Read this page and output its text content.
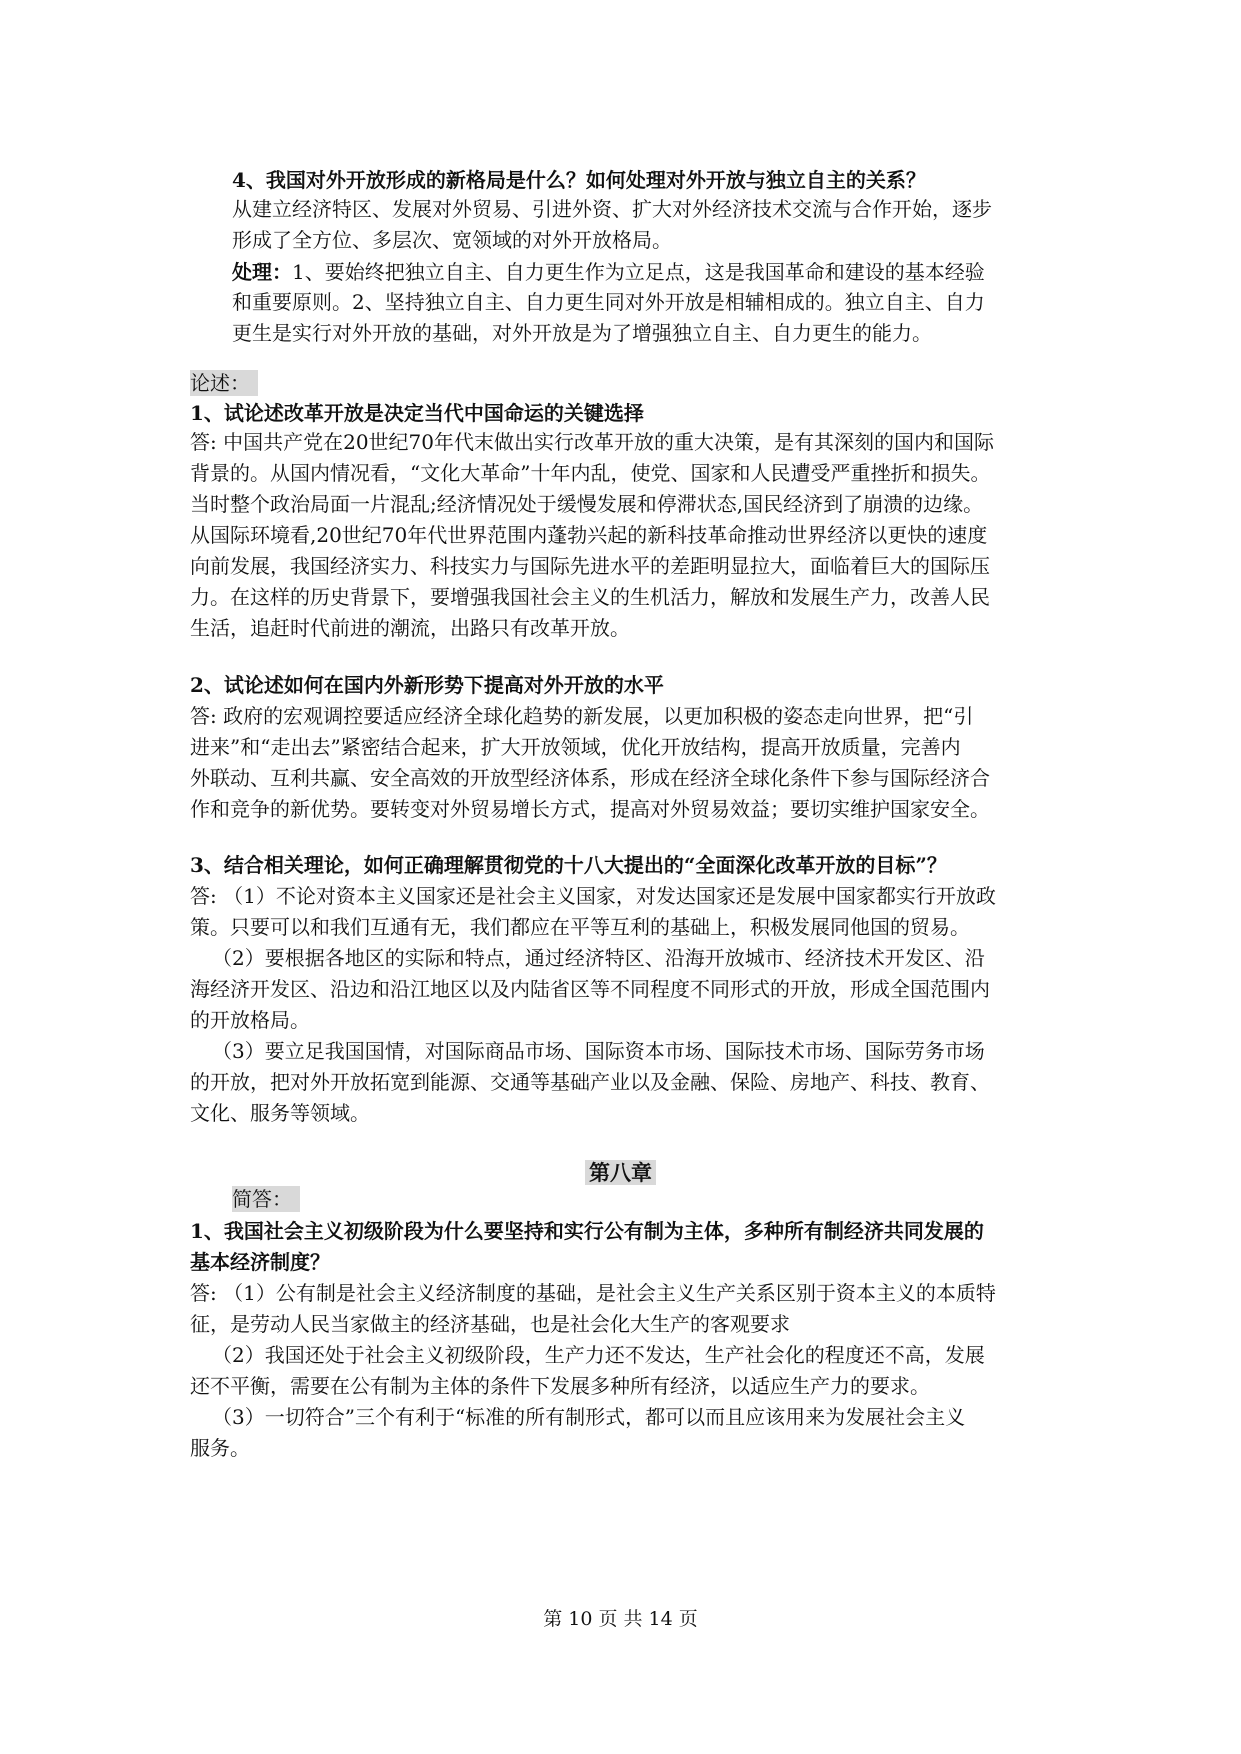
4、我国对外开放形成的新格局是什么？如何处理对外开放与独立自主的关系？
从建立经济特区、发展对外贸易、引进外资、扩大对外经济技术交流与合作开始，逐步
形成了全方位、多层次、宽领域的对外开放格局。
处理：1、要始终把独立自主、自力更生作为立足点，这是我国革命和建设的基本经验
和重要原则。2、坚持独立自主、自力更生同对外开放是相辅相成的。独立自主、自力
更生是实行对外开放的基础，对外开放是为了增强独立自主、自力更生的能力。
论述：
1、试论述改革开放是决定当代中国命运的关键选择
答: 中国共产党在20世纪70年代末做出实行改革开放的重大决策，是有其深刻的国内和国际
背景的。从国内情况看，“文化大革命”十年内乱，使党、国家和人民遭受严重挫折和损失。
当时整个政治局面一片混乱;经济情况处于缓慢发展和停滞状态,国民经济到了崩溃的边缘。
从国际环境看,20世纪70年代世界范围内蓬勃兴起的新科技革命推动世界经济以更快的速度
向前发展，我国经济实力、科技实力与国际先进水平的差距明显拉大，面临着巨大的国际压
力。在这样的历史背景下，要增强我国社会主义的生机活力，解放和发展生产力，改善人民
生活，追赶时代前进的潮流，出路只有改革开放。
2、试论述如何在国内外新形势下提高对外开放的水平
答: 政府的宏观调控要适应经济全球化趋势的新发展，以更加积极的姿态走向世界，把“引
进来”和“走出去”紧密结合起来，扩大开放领域，优化开放结构，提高开放质量，完善内
外联动、互利共赢、安全高效的开放型经济体系，形成在经济全球化条件下参与国际经济合
作和竞争的新优势。要转变对外贸易增长方式，提高对外贸易效益；要切实维护国家安全。
3、结合相关理论，如何正确理解贯彻党的十八大提出的“全面深化改革开放的目标”？
答: （1）不论对资本主义国家还是社会主义国家，对发达国家还是发展中国家都实行开放政
策。只要可以和我们互通有无，我们都应在平等互利的基础上，积极发展同他国的贸易。
（2）要根据各地区的实际和特点，通过经济特区、沿海开放城市、经济技术开发区、沿
海经济开发区、沿边和沿江地区以及内陆省区等不同程度不同形式的开放，形成全国范围内
的开放格局。
（3）要立足我国国情，对国际商品市场、国际资本市场、国际技术市场、国际劳务市场
的开放，把对外开放拓宽到能源、交通等基础产业以及金融、保险、房地产、科技、教育、
文化、服务等领域。
第八章
简答：
1、我国社会主义初级阶段为什么要坚持和实行公有制为主体，多种所有制经济共同发展的
基本经济制度？
答: （1）公有制是社会主义经济制度的基础，是社会主义生产关系区别于资本主义的本质特
征，是劳动人民当家做主的经济基础，也是社会化大生产的客观要求
（2）我国还处于社会主义初级阶段，生产力还不发达，生产社会化的程度还不高，发展
还不平衡，需要在公有制为主体的条件下发展多种所有经济，以适应生产力的要求。
（3）一切符合”三个有利于“标准的所有制形式，都可以而且应该用来为发展社会主义
服务。
第 10 页 共 14 页
